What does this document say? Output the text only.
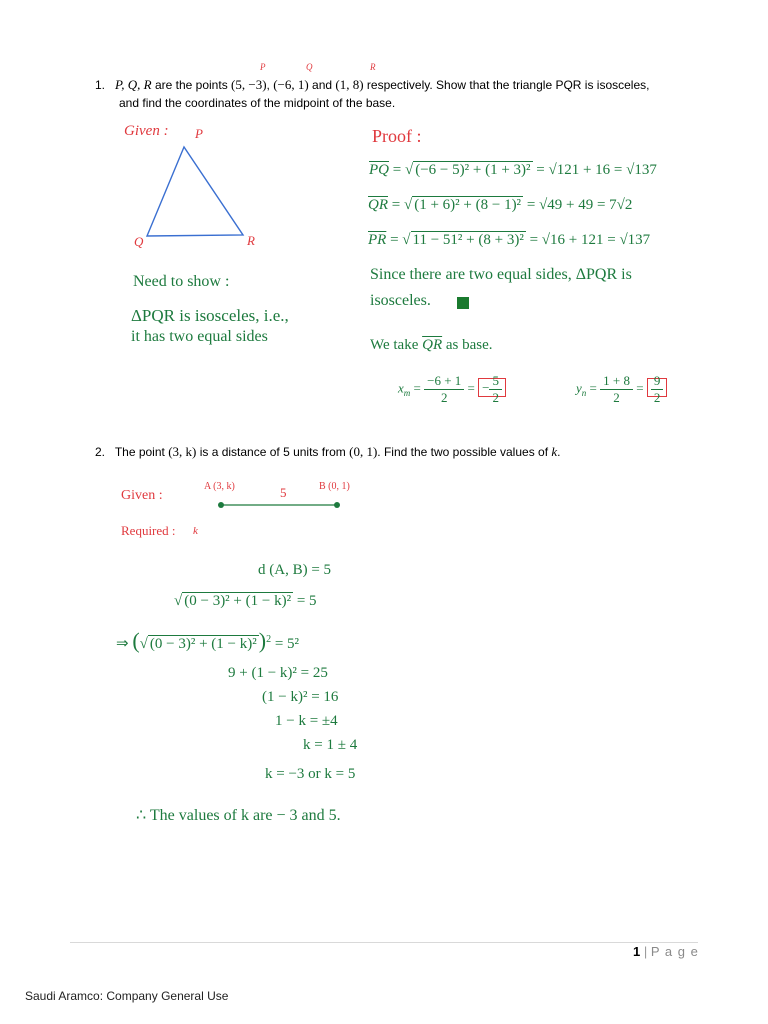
P	Q	R
1. P, Q, R are the points (5, −3), (−6, 1) and (1, 8) respectively. Show that the triangle PQR is isosceles,
and find the coordinates of the midpoint of the base.
Given : P
Q	R
Need to show :
ΔPQR is isosceles, i.e.,
it has two equal sides
Proof :
$\overline{PQ}$ = √ (−6 − 5)² + (1 + 3)² = √121 + 16 = √137
$\overline{QR}$ = √ (1 + 6)² + (8 − 1)² = √49 + 49 = 7√2
$\overline{PR}$ = √ 11 − 51² + (8 + 3)² = √16 + 121 = √137
Since there are two equal sides, ΔPQR is
isosceles.
We take $\overline{QR}$ as base.
$x_m = \frac{-6 + 1}{2}$ = − $\frac{5}{2}$	$y_n = \frac{1 + 8}{2} = \frac{9}{2}$
2. The point (3, k) is a distance of 5 units from (0, 1). Find the two possible values of k.
Given :
A (3, k)	5	B (0, 1)
Required : k
d (A, B) = 5
√ (0 − 3)² + (1 − k)² = 5
⇒ (√ (0 − 3)² + (1 − k)²)$^2$ = 5²
9 + (1 − k)² = 25
(1 − k)² = 16
1 − k = ±4
k = 1 ± 4
k = −3 or k = 5
∴ The values of k are − 3 and 5.
1 | P a g e
Saudi Aramco: Company General Use
